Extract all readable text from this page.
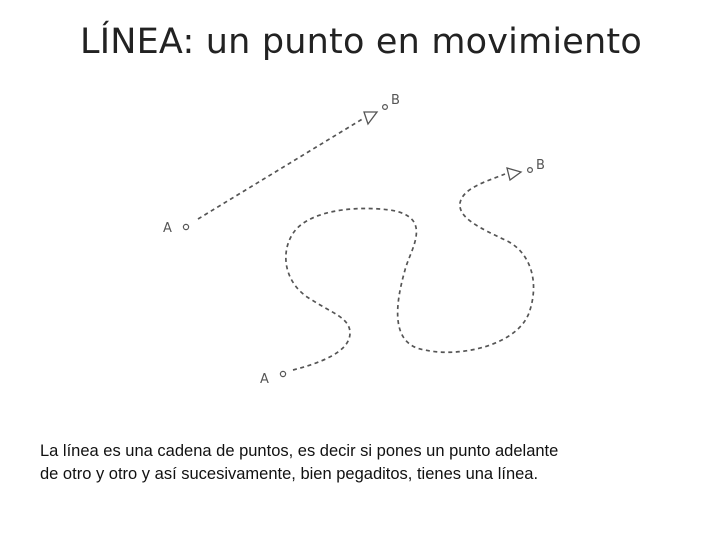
LÍNEA: un punto en movimiento
A
B
A
B
La línea es una cadena de puntos, es decir si pones un punto adelante
de otro y otro y así sucesivamente, bien pegaditos, tienes una línea.
